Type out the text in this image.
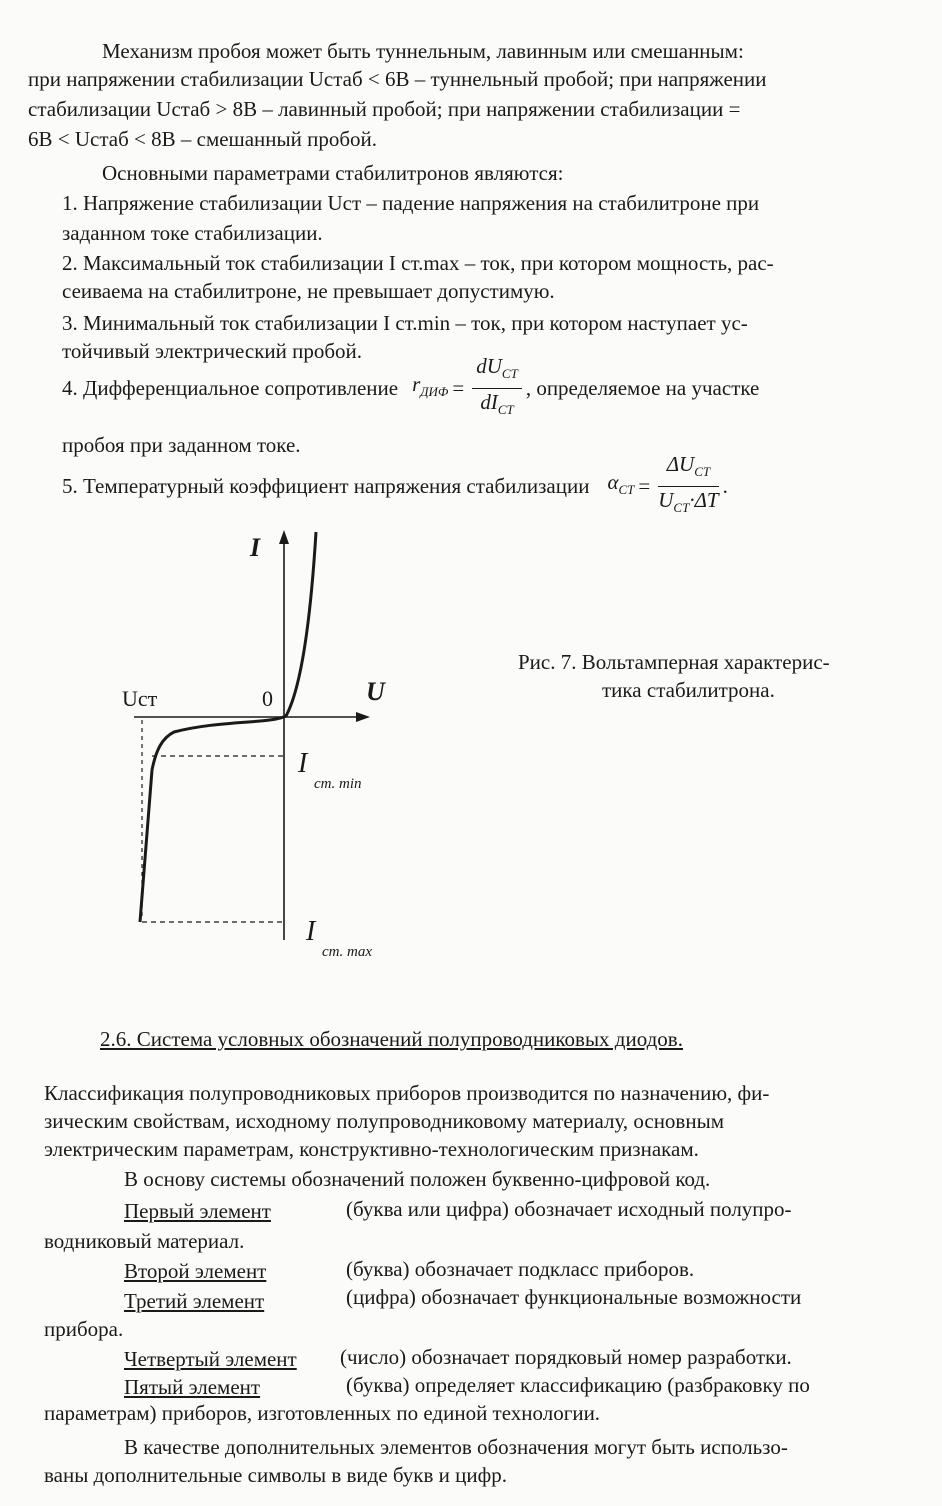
Механизм пробоя может быть туннельным, лавинным или смешанным:
при напряжении стабилизации Uстаб < 6В – туннельный пробой; при напряжении
стабилизации Uстаб > 8В – лавинный пробой; при напряжении стабилизации =
6В < Uстаб < 8В – смешанный пробой.
Основными параметрами стабилитронов являются:
1. Напряжение стабилизации Uст – падение напряжения на стабилитроне при
заданном токе стабилизации.
2. Максимальный ток стабилизации I ст.max – ток, при котором мощность, рас-
сеиваема на стабилитроне, не превышает допустимую.
3. Минимальный ток стабилизации I ст.min – ток, при котором наступает ус-
тойчивый электрический пробой.
4. Дифференциальное сопротивление $r_{ДИФ} = \frac{dU_{СТ}}{dI_{СТ}}$ , определяемое на участке
пробоя при заданном токе.
5. Температурный коэффициент напряжения стабилизации $\alpha_{СТ} = \frac{\Delta U_{СТ}}{U_{СТ}\cdot\Delta T}$ .
I
U
0
Uст
I
cm. min
I
cm. max
Рис. 7. Вольтамперная характерис-
тика стабилитрона.
2.6. Система условных обозначений полупроводниковых диодов.
Классификация полупроводниковых приборов производится по назначению, фи-
зическим свойствам, исходному полупроводниковому материалу, основным
электрическим параметрам, конструктивно-технологическим признакам.
В основу системы обозначений положен буквенно-цифровой код.
Первый элемент	(буква или цифра) обозначает исходный полупро-
водниковый материал.
Второй элемент	(буква) обозначает подкласс приборов.
Третий элемент	(цифра) обозначает функциональные возможности
прибора.
Четвертый элемент (число) обозначает порядковый номер разработки.
Пятый элемент	(буква) определяет классификацию (разбраковку по
параметрам) приборов, изготовленных по единой технологии.
В качестве дополнительных элементов обозначения могут быть использо-
ваны дополнительные символы в виде букв и цифр.
